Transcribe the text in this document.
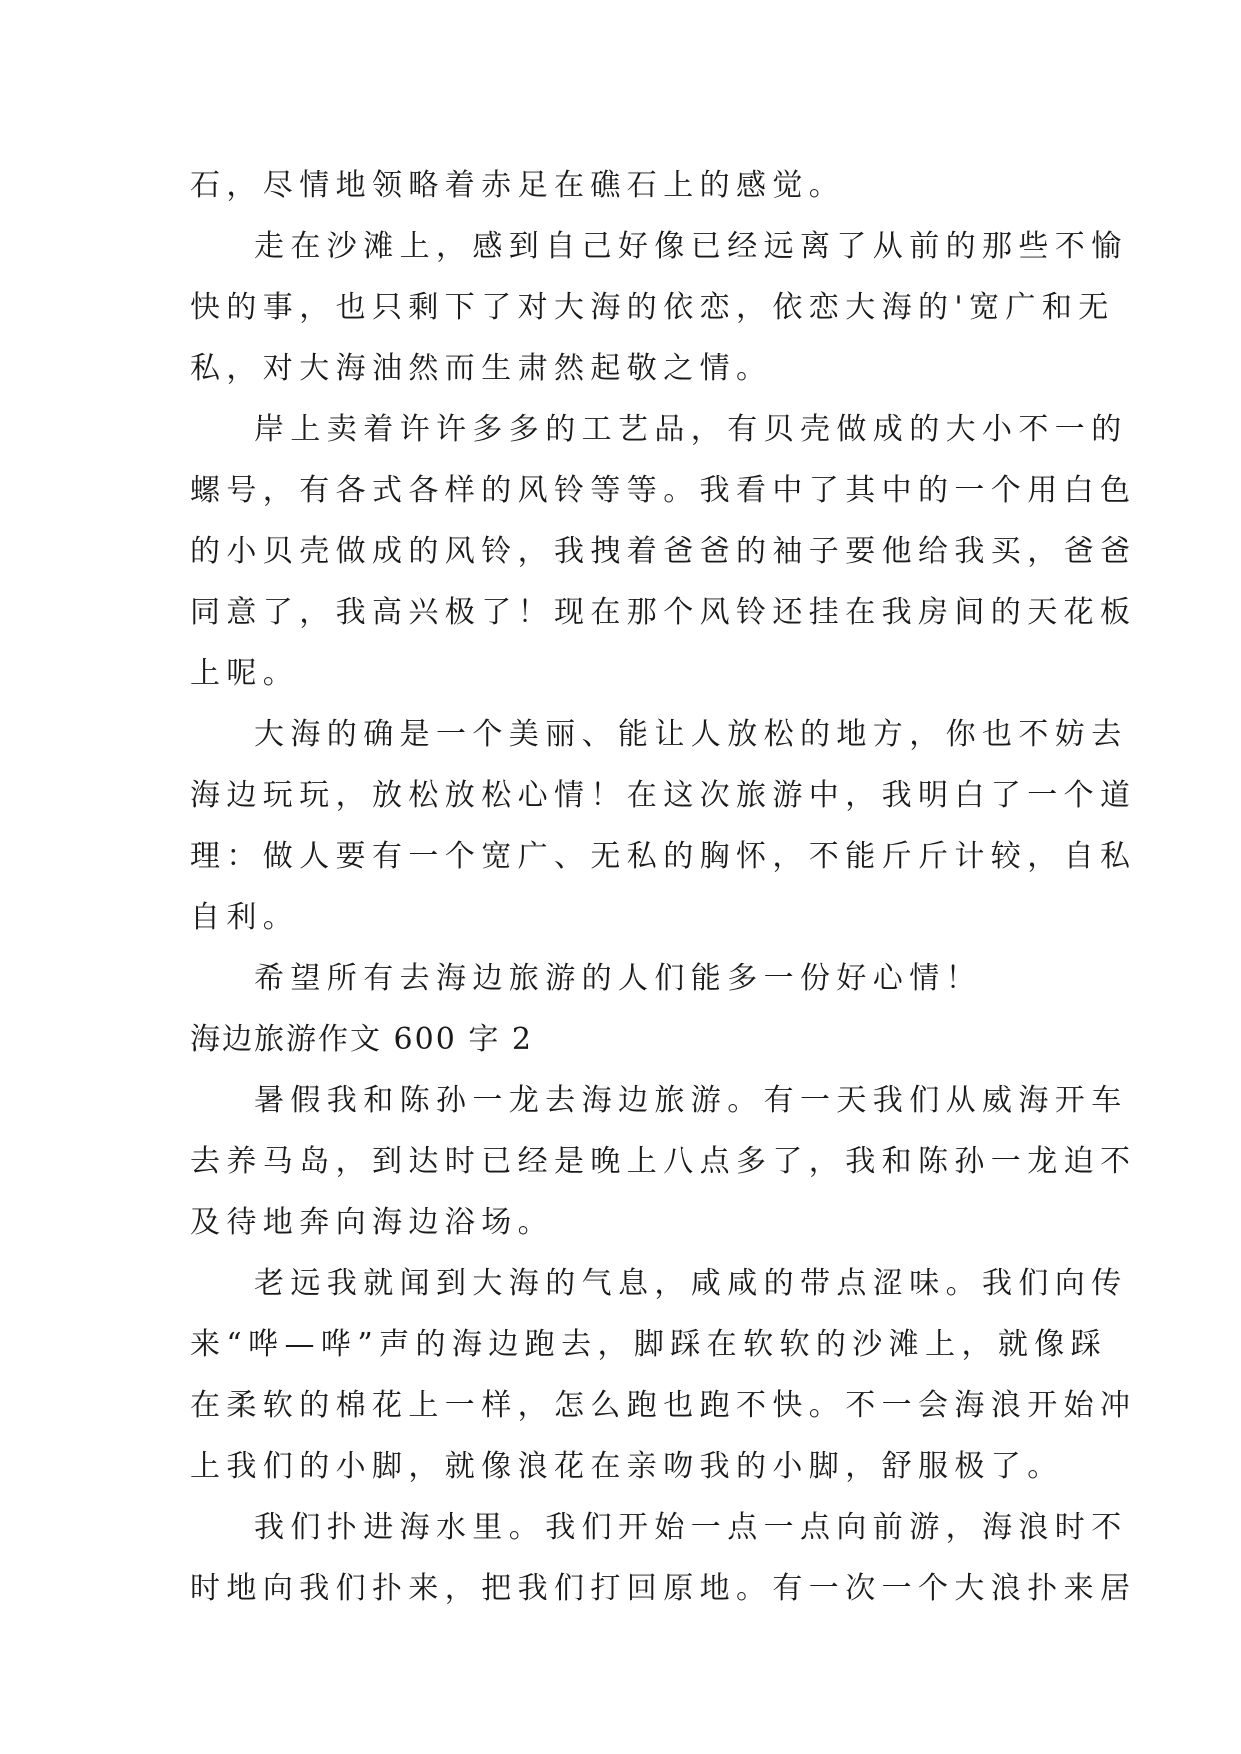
石，尽情地领略着赤足在礁石上的感觉。
走在沙滩上，感到自己好像已经远离了从前的那些不愉
快的事，也只剩下了对大海的依恋，依恋大海的'宽广和无
私，对大海油然而生肃然起敬之情。
岸上卖着许许多多的工艺品，有贝壳做成的大小不一的
螺号，有各式各样的风铃等等。我看中了其中的一个用白色
的小贝壳做成的风铃，我拽着爸爸的袖子要他给我买，爸爸
同意了，我高兴极了！现在那个风铃还挂在我房间的天花板
上呢。
大海的确是一个美丽、能让人放松的地方，你也不妨去
海边玩玩，放松放松心情！在这次旅游中，我明白了一个道
理：做人要有一个宽广、无私的胸怀，不能斤斤计较，自私
自利。
希望所有去海边旅游的人们能多一份好心情！
海边旅游作文 600 字 2
暑假我和陈孙一龙去海边旅游。有一天我们从威海开车
去养马岛，到达时已经是晚上八点多了，我和陈孙一龙迫不
及待地奔向海边浴场。
老远我就闻到大海的气息，咸咸的带点涩味。我们向传
来“哗—哗”声的海边跑去，脚踩在软软的沙滩上，就像踩
在柔软的棉花上一样，怎么跑也跑不快。不一会海浪开始冲
上我们的小脚，就像浪花在亲吻我的小脚，舒服极了。
我们扑进海水里。我们开始一点一点向前游，海浪时不
时地向我们扑来，把我们打回原地。有一次一个大浪扑来居
